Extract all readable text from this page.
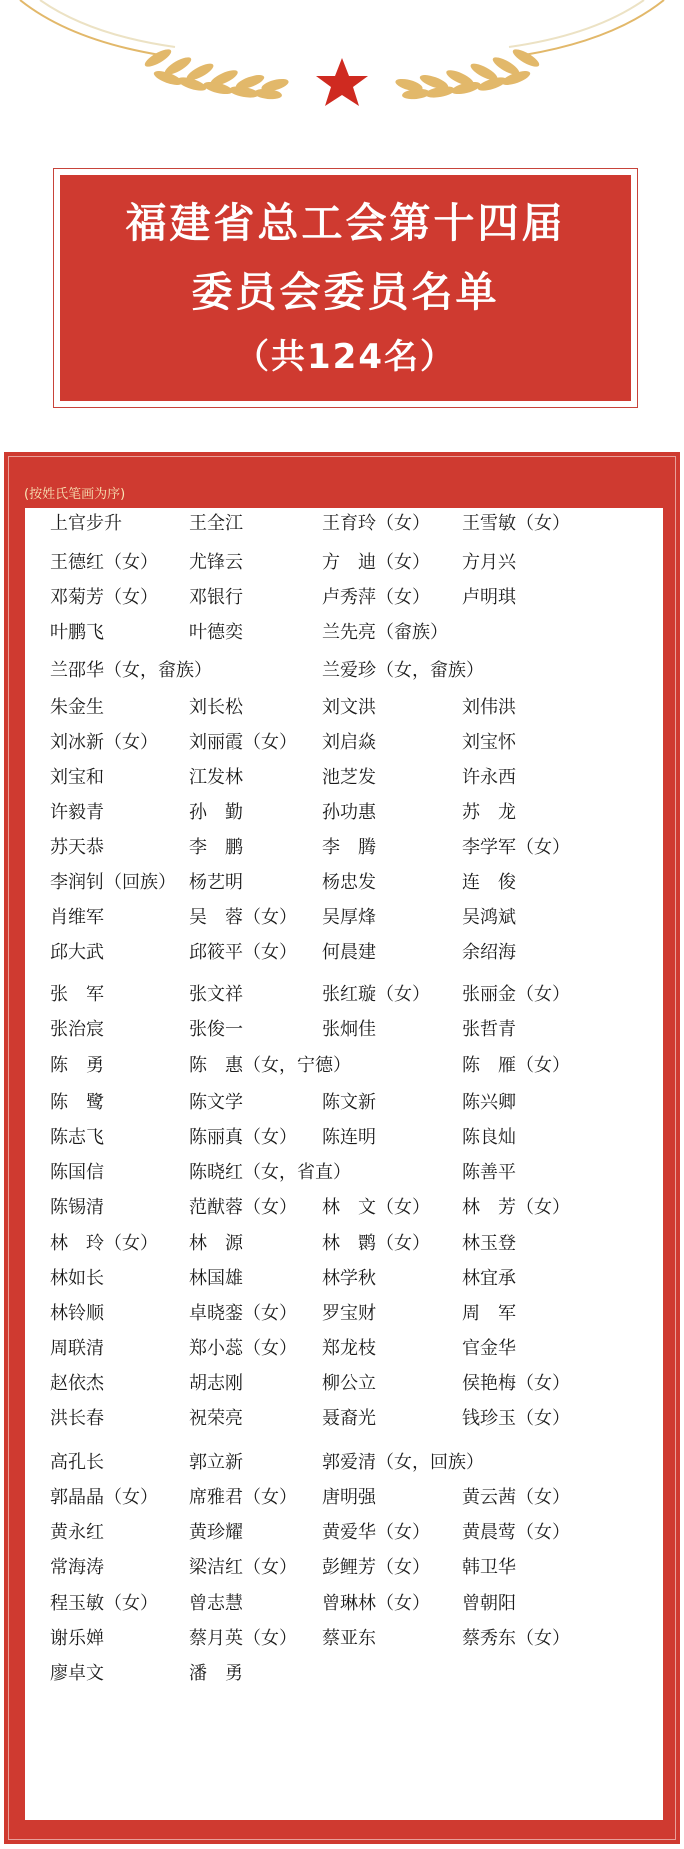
福建省总工会第十四届
委员会委员名单
（共124名）
(按姓氏笔画为序)
上官步升	王全江	王育玲（女） 王雪敏（女）
王德红（女） 尤锋云	方　迪（女） 方月兴
邓菊芳（女） 邓银行	卢秀萍（女） 卢明琪
叶鹏飞	叶德奕	兰先亮（畲族）
兰邵华（女，畲族）	兰爱珍（女，畲族）
朱金生	刘长松	刘文洪	刘伟洪
刘冰新（女） 刘丽霞（女） 刘启焱	刘宝怀
刘宝和	江发林	池芝发	许永西
许毅青	孙　勤	孙功惠	苏　龙
苏天恭	李　鹏	李　腾	李学军（女）
李润钊（回族） 杨艺明	杨忠发	连　俊
肖维军	吴　蓉（女） 吴厚烽	吴鸿斌
邱大武	邱筱平（女） 何晨建	余绍海
张　军	张文祥	张红璇（女） 张丽金（女）
张治宸	张俊一	张炯佳	张哲青
陈　勇	陈　惠（女，宁德）	陈　雁（女）
陈　鹭	陈文学	陈文新	陈兴卿
陈志飞	陈丽真（女） 陈连明	陈良灿
陈国信	陈晓红（女，省直）	陈善平
陈锡清	范猷蓉（女） 林　文（女） 林　芳（女）
林　玲（女） 林　源	林　鹮（女） 林玉登
林如长	林国雄	林学秋	林宜承
林铃顺	卓晓銮（女） 罗宝财	周　军
周联清	郑小蕊（女） 郑龙枝	官金华
赵依杰	胡志刚	柳公立	侯艳梅（女）
洪长春	祝荣亮	聂裔光	钱珍玉（女）
高孔长	郭立新	郭爱清（女，回族）
郭晶晶（女） 席雅君（女） 唐明强	黄云茜（女）
黄永红	黄珍耀	黄爱华（女） 黄晨莺（女）
常海涛	梁洁红（女） 彭鲤芳（女） 韩卫华
程玉敏（女） 曾志慧	曾琳林（女） 曾朝阳
谢乐婵	蔡月英（女） 蔡亚东	蔡秀东（女）
廖卓文	潘　勇
